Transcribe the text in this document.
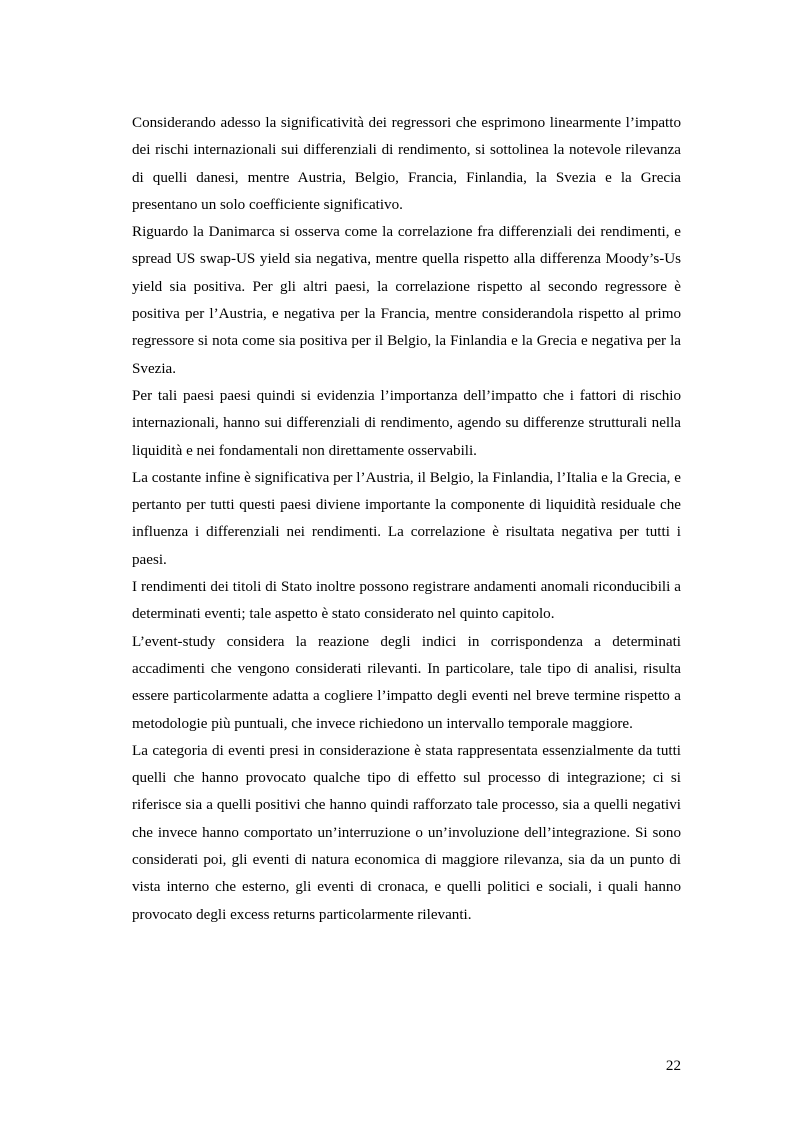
Considerando adesso la significatività dei regressori che esprimono linearmente l’impatto dei rischi internazionali sui differenziali di rendimento, si sottolinea la notevole rilevanza di quelli danesi, mentre Austria, Belgio, Francia, Finlandia, la Svezia e la Grecia presentano un solo coefficiente significativo.

Riguardo la Danimarca si osserva come la correlazione fra differenziali dei rendimenti, e spread US swap-US yield sia negativa, mentre quella rispetto alla differenza Moody’s-Us yield sia positiva. Per gli altri paesi, la correlazione rispetto al secondo regressore è positiva per l’Austria, e negativa per la Francia, mentre considerandola rispetto al primo regressore si nota come sia positiva per il Belgio, la Finlandia e la Grecia e negativa per la Svezia.

Per tali paesi paesi quindi si evidenzia l’importanza dell’impatto che i fattori di rischio internazionali, hanno sui differenziali di rendimento, agendo su differenze strutturali nella liquidità e nei fondamentali non direttamente osservabili.

La costante infine è significativa per l’Austria, il Belgio, la Finlandia, l’Italia e la Grecia, e pertanto per tutti questi paesi diviene importante la componente di liquidità residuale che influenza i differenziali nei rendimenti. La correlazione è risultata negativa per tutti i paesi.

I rendimenti dei titoli di Stato inoltre possono registrare andamenti anomali riconducibili a determinati eventi; tale aspetto è stato considerato nel quinto capitolo.

L’event-study considera la reazione degli indici in corrispondenza a determinati accadimenti che vengono considerati rilevanti. In particolare, tale tipo di analisi, risulta essere particolarmente adatta a cogliere l’impatto degli eventi nel breve termine rispetto a metodologie più puntuali, che invece richiedono un intervallo temporale maggiore.

La categoria di eventi presi in considerazione è stata rappresentata essenzialmente da tutti quelli che hanno provocato qualche tipo di effetto sul processo di integrazione; ci si riferisce sia a quelli positivi che hanno quindi rafforzato tale processo, sia a quelli negativi che invece hanno comportato un’interruzione o un’involuzione dell’integrazione. Si sono considerati poi, gli eventi di natura economica di maggiore rilevanza, sia da un punto di vista interno che esterno, gli eventi di cronaca, e quelli politici e sociali, i quali hanno provocato degli excess returns particolarmente rilevanti.

22
